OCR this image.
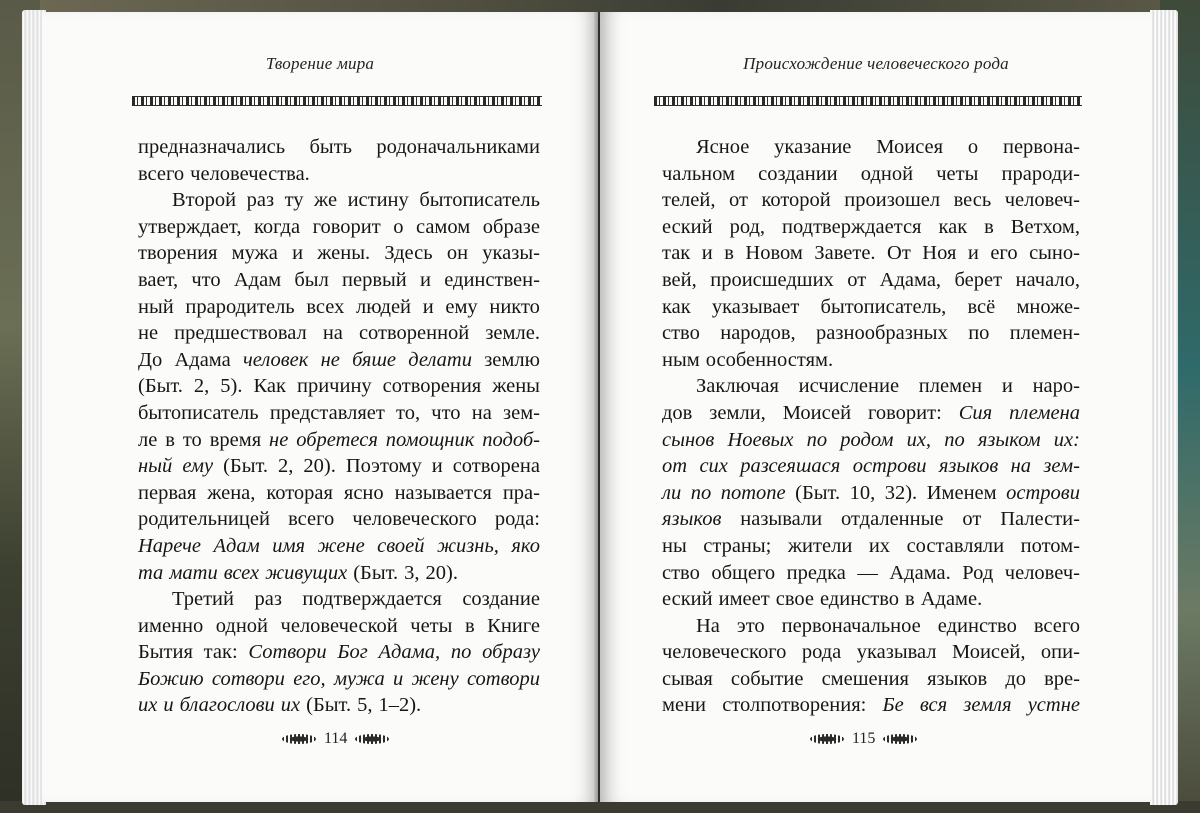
Творение мира
предназначались быть родоначальниками
всего человечества.
Второй раз ту же истину бытописатель
утверждает, когда говорит о самом образе
творения мужа и жены. Здесь он указы-
вает, что Адам был первый и единствен-
ный прародитель всех людей и ему никто
не предшествовал на сотворенной земле.
До Адама человек не бяше делати землю
(Быт. 2, 5). Как причину сотворения жены
бытописатель представляет то, что на зем-
ле в то время не обретеся помощник подоб-
ный ему (Быт. 2, 20). Поэтому и сотворена
первая жена, которая ясно называется пра-
родительницей всего человеческого рода:
Нарече Адам имя жене своей жизнь, яко
та мати всех живущих (Быт. 3, 20).
Третий раз подтверждается создание
именно одной человеческой четы в Книге
Бытия так: Сотвори Бог Адама, по образу
Божию сотвори его, мужа и жену сотвори
их и благослови их (Быт. 5, 1–2).
114
Происхождение человеческого рода
Ясное указание Моисея о первона-
чальном создании одной четы прароди-
телей, от которой произошел весь человеч-
еский род, подтверждается как в Ветхом,
так и в Новом Завете. От Ноя и его сыно-
вей, происшедших от Адама, берет начало,
как указывает бытописатель, всё множе-
ство народов, разнообразных по племен-
ным особенностям.
Заключая исчисление племен и наро-
дов земли, Моисей говорит: Сия племена
сынов Ноевых по родом их, по языком их:
от сих разсеяшася острови языков на зем-
ли по потопе (Быт. 10, 32). Именем острови
языков называли отдаленные от Палести-
ны страны; жители их составляли потом-
ство общего предка — Адама. Род человеч-
еский имеет свое единство в Адаме.
На это первоначальное единство всего
человеческого рода указывал Моисей, опи-
сывая событие смешения языков до вре-
мени столпотворения: Бе вся земля устне
115
